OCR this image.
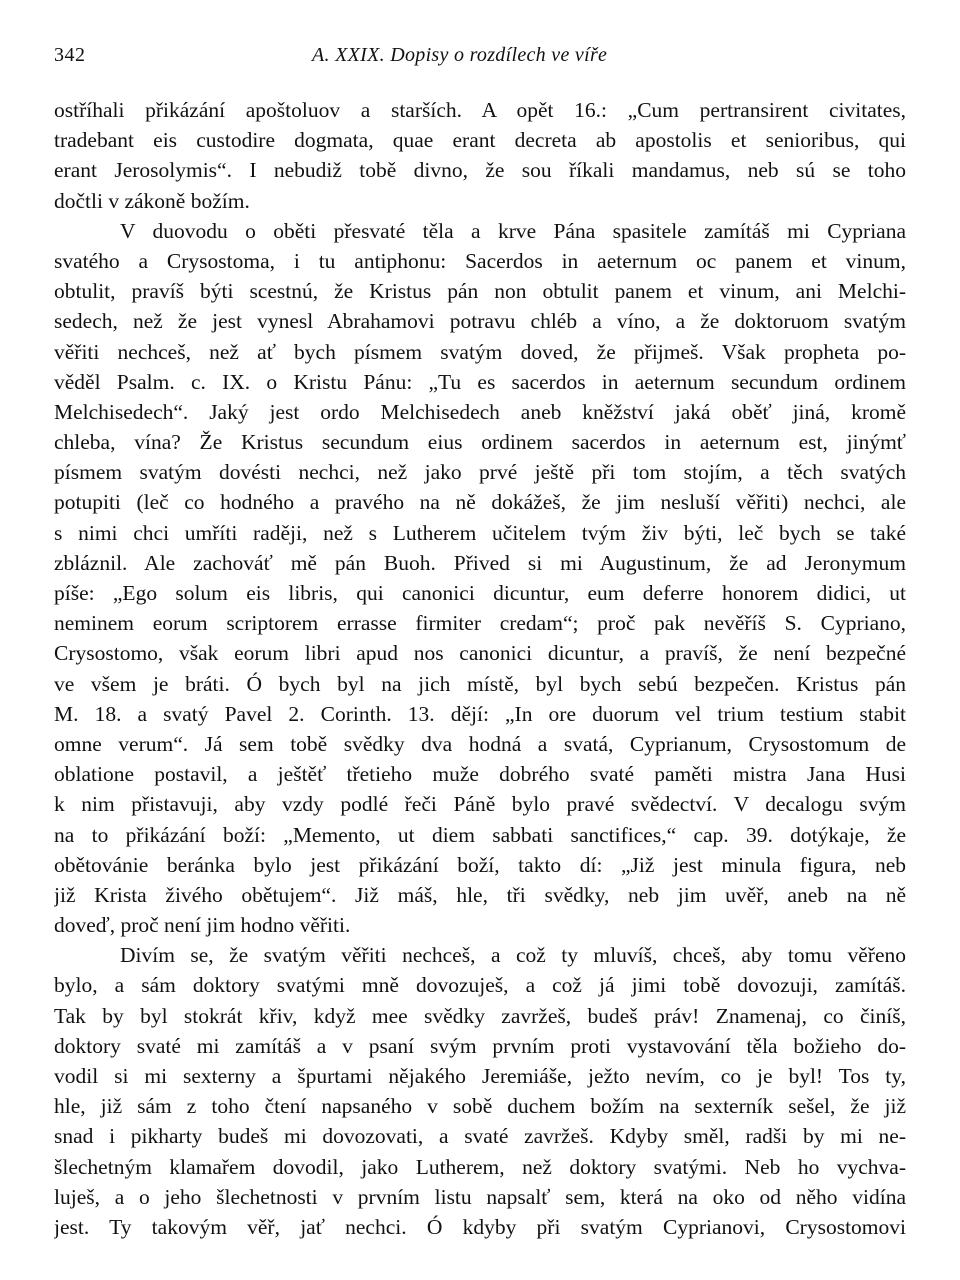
342	A. XXIX. Dopisy o rozdílech ve víře
ostříhali přikázání apoštoluov a starších. A opět 16.: „Cum pertransirent civitates,
tradebant eis custodire dogmata, quae erant decreta ab apostolis et senioribus, qui
erant Jerosolymis“. I nebudiž tobě divno, že sou říkali mandamus, neb sú se toho
dočtli v zákoně božím.
V duovodu o oběti přesvaté těla a krve Pána spasitele zamítáš mi Cypriana
svatého a Crysostoma, i tu antiphonu: Sacerdos in aeternum oc panem et vinum,
obtulit, pravíš býti scestnú, že Kristus pán non obtulit panem et vinum, ani Melchi-
sedech, než že jest vynesl Abrahamovi potravu chléb a víno, a že doktoruom svatým
věřiti nechceš, než ať bych písmem svatým doved, že přijmeš. Však propheta po-
věděl Psalm. c. IX. o Kristu Pánu: „Tu es sacerdos in aeternum secundum ordinem
Melchisedech“. Jaký jest ordo Melchisedech aneb kněžství jaká oběť jiná, kromě
chleba, vína? Že Kristus secundum eius ordinem sacerdos in aeternum est, jinýmť
písmem svatým dovésti nechci, než jako prvé ještě při tom stojím, a těch svatých
potupiti (leč co hodného a pravého na ně dokážeš, že jim nesluší věřiti) nechci, ale
s nimi chci umříti raději, než s Lutherem učitelem tvým živ býti, leč bych se také
zbláznil. Ale zachováť mě pán Buoh. Přived si mi Augustinum, že ad Jeronymum
píše: „Ego solum eis libris, qui canonici dicuntur, eum deferre honorem didici, ut
neminem eorum scriptorem errasse firmiter credam“; proč pak nevěříš S. Cypriano,
Crysostomo, však eorum libri apud nos canonici dicuntur, a pravíš, že není bezpečné
ve všem je bráti. Ó bych byl na jich místě, byl bych sebú bezpečen. Kristus pán
M. 18. a svatý Pavel 2. Corinth. 13. dějí: „In ore duorum vel trium testium stabit
omne verum“. Já sem tobě svědky dva hodná a svatá, Cyprianum, Crysostomum de
oblatione postavil, a ještěť třetieho muže dobrého svaté paměti mistra Jana Husi
k nim přistavuji, aby vzdy podlé řeči Páně bylo pravé svědectví. V decalogu svým
na to přikázání boží: „Memento, ut diem sabbati sanctifices,“ cap. 39. dotýkaje, že
obětovánie beránka bylo jest přikázání boží, takto dí: „Již jest minula figura, neb
již Krista živého obětujem“. Již máš, hle, tři svědky, neb jim uvěř, aneb na ně
doveď, proč není jim hodno věřiti.
Divím se, že svatým věřiti nechceš, a což ty mluvíš, chceš, aby tomu věřeno
bylo, a sám doktory svatými mně dovozuješ, a což já jimi tobě dovozuji, zamítáš.
Tak by byl stokrát křiv, když mee svědky zavržeš, budeš práv! Znamenaj, co činíš,
doktory svaté mi zamítáš a v psaní svým prvním proti vystavování těla božieho do-
vodil si mi sexterny a špurtami nějakého Jeremiáše, ježto nevím, co je byl! Tos ty,
hle, již sám z toho čtení napsaného v sobě duchem božím na sexterník sešel, že již
snad i pikharty budeš mi dovozovati, a svaté zavržeš. Kdyby směl, radši by mi ne-
šlechetným klamařem dovodil, jako Lutherem, než doktory svatými. Neb ho vychva-
luješ, a o jeho šlechetnosti v prvním listu napsalť sem, která na oko od něho vidína
jest. Ty takovým věř, jať nechci. Ó kdyby při svatým Cyprianovi, Crysostomovi
